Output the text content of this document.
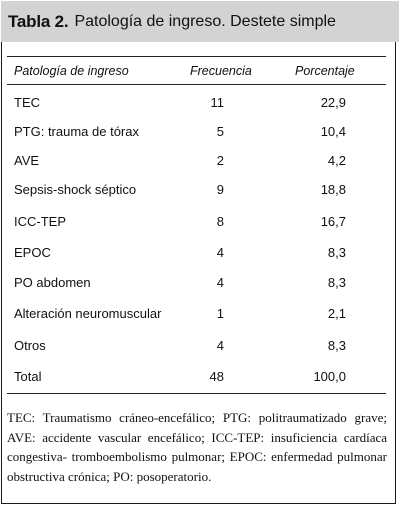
Tabla 2. Patología de ingreso. Destete simple
Patología de ingreso	Frecuencia	Porcentaje
TEC	11	22,9
PTG: trauma de tórax	5	10,4
AVE	2	4,2
Sepsis-shock séptico	9	18,8
ICC-TEP	8	16,7
EPOC	4	8,3
PO abdomen	4	8,3
Alteración neuromuscular	1	2,1
Otros	4	8,3
Total	48	100,0
TEC: Traumatismo cráneo-encefálico; PTG: politraumatizado grave; AVE: accidente vascular encefálico; ICC-TEP: insuficiencia cardíaca congestiva- tromboembolismo pulmonar; EPOC: enfermedad pulmonar obstructiva crónica; PO: posoperatorio.
